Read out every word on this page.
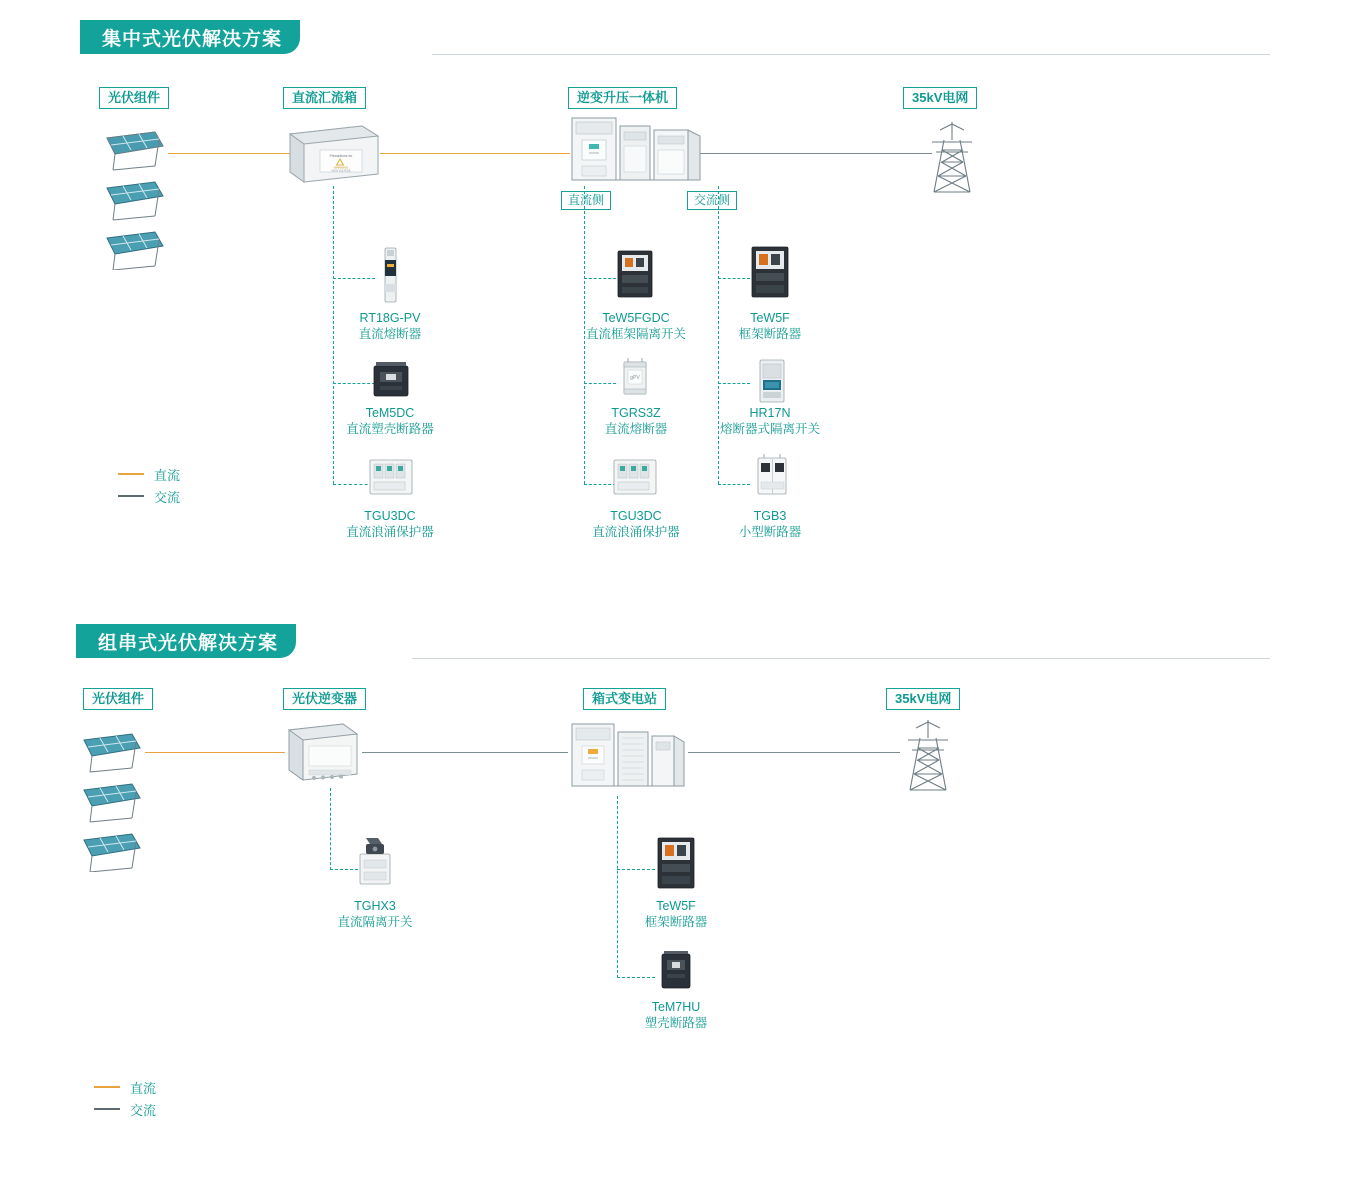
集中式光伏解决方案
光伏组件	直流汇流箱	逆变升压一体机	35kV电网
Precautions for
WARNING
HIGH VOLTAGE
直流侧	交流侧
RT18G-PV
直流熔断器
TeM5DC
直流塑壳断路器
TGU3DC
直流浪涌保护器
TeW5FGDC
直流框架隔离开关
gPV
TGRS3Z
直流熔断器
TGU3DC
直流浪涌保护器
TeW5F
框架断路器
HR17N
熔断器式隔离开关
TGB3
小型断路器
直流
交流
组串式光伏解决方案
光伏组件	光伏逆变器	箱式变电站	35kV电网
TGHX3
直流隔离开关
TeW5F
框架断路器
TeM7HU
塑壳断路器
直流
交流
